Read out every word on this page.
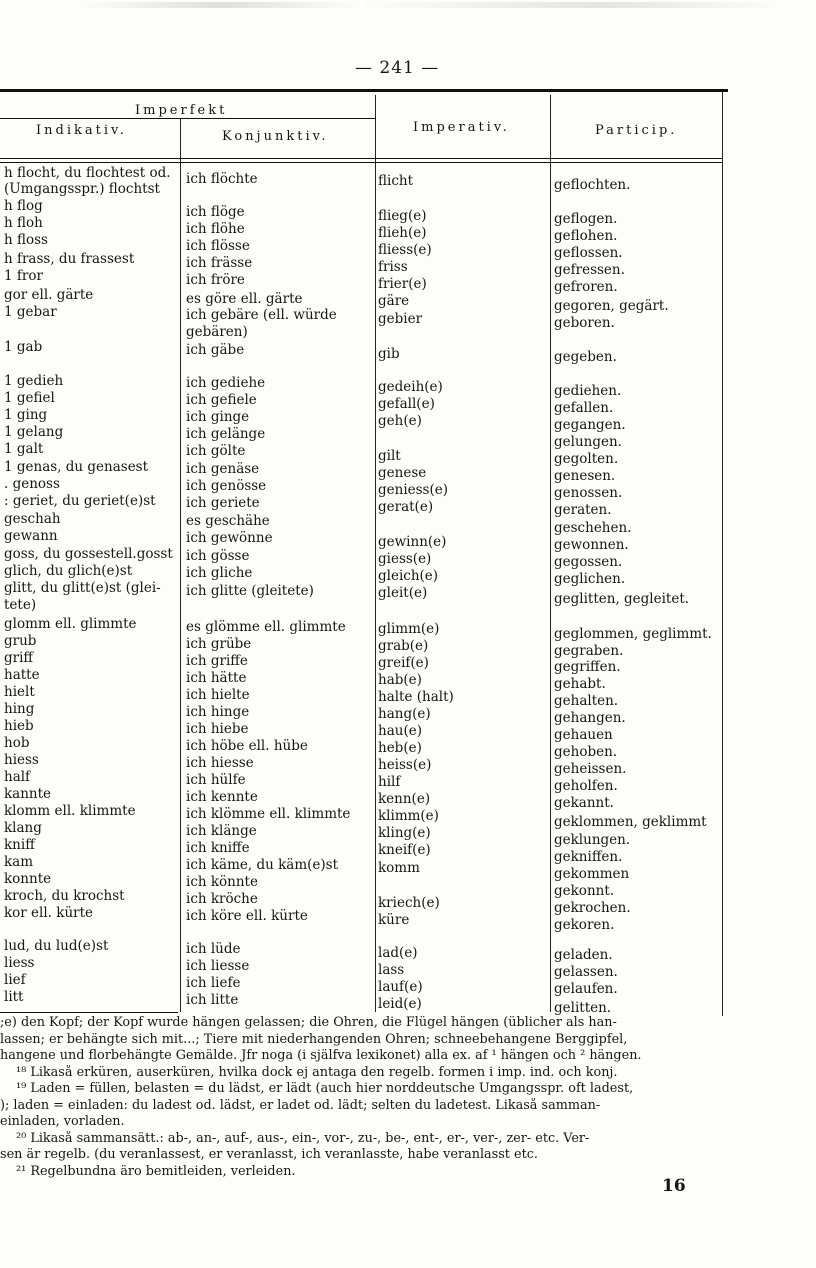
— 241 —
Imperfekt
Indikativ.	Konjunktiv.
Imperativ.	Particip.
h flocht, du flochtest od.
(Umgangsspr.) flochtst
h flog
h floh
h floss
h frass, du frassest
1 fror
gor ell. gärte
1 gebar
1 gab
1 gedieh
1 gefiel
1 ging
1 gelang
1 galt
1 genas, du genasest
. genoss
: geriet, du geriet(e)st
geschah
gewann
goss, du gossestell.gosst
glich, du glich(e)st
glitt, du glitt(e)st (glei-
tete)
glomm ell. glimmte
grub
griff
hatte
hielt
hing
hieb
hob
hiess
half
kannte
klomm ell. klimmte
klang
kniff
kam
konnte
kroch, du krochst
kor ell. kürte
lud, du lud(e)st
liess
lief
litt
ich flöchte
ich flöge
ich flöhe
ich flösse
ich frässe
ich fröre
es göre ell. gärte
ich gebäre (ell. würde
gebären)
ich gäbe
ich gediehe
ich gefiele
ich ginge
ich gelänge
ich gölte
ich genäse
ich genösse
ich geriete
es geschähe
ich gewönne
ich gösse
ich gliche
ich glitte (gleitete)
es glömme ell. glimmte
ich grübe
ich griffe
ich hätte
ich hielte
ich hinge
ich hiebe
ich höbe ell. hübe
ich hiesse
ich hülfe
ich kennte
ich klömme ell. klimmte
ich klänge
ich kniffe
ich käme, du käm(e)st
ich könnte
ich kröche
ich köre ell. kürte
ich lüde
ich liesse
ich liefe
ich litte
flicht
flieg(e)
flieh(e)
fliess(e)
friss
frier(e)
gäre
gebier
gib
gedeih(e)
gefall(e)
geh(e)
gilt
genese
geniess(e)
gerat(e)
gewinn(e)
giess(e)
gleich(e)
gleit(e)
glimm(e)
grab(e)
greif(e)
hab(e)
halte (halt)
hang(e)
hau(e)
heb(e)
heiss(e)
hilf
kenn(e)
klimm(e)
kling(e)
kneif(e)
komm
kriech(e)
küre
lad(e)
lass
lauf(e)
leid(e)
geflochten.
geflogen.
geflohen.
geflossen.
gefressen.
gefroren.
gegoren, gegärt.
geboren.
gegeben.
gediehen.
gefallen.
gegangen.
gelungen.
gegolten.
genesen.
genossen.
geraten.
geschehen.
gewonnen.
gegossen.
geglichen.
geglitten, gegleitet.
geglommen, geglimmt.
gegraben.
gegriffen.
gehabt.
gehalten.
gehangen.
gehauen
gehoben.
geheissen.
geholfen.
gekannt.
geklommen, geklimmt
geklungen.
gekniffen.
gekommen
gekonnt.
gekrochen.
gekoren.
geladen.
gelassen.
gelaufen.
gelitten.

;e) den Kopf; der Kopf wurde hängen gelassen; die Ohren, die Flügel hängen (üblicher als han-

lassen; er behängte sich mit...; Tiere mit niederhangenden Ohren; schneebehangene Berggipfel,

hangene und florbehängte Gemälde. Jfr noga (i själfva lexikonet) alla ex. af ¹ hängen och ² hängen.

¹⁸ Likaså erküren, auserküren, hvilka dock ej antaga den regelb. formen i imp. ind. och konj.

¹⁹ Laden = füllen, belasten = du lädst, er lädt (auch hier norddeutsche Umgangsspr. oft ladest,

); laden = einladen: du ladest od. lädst, er ladet od. lädt; selten du ladetest. Likaså samman-

einladen, vorladen.

²⁰ Likaså sammansätt.: ab-, an-, auf-, aus-, ein-, vor-, zu-, be-, ent-, er-, ver-, zer- etc. Ver-

sen är regelb. (du veranlassest, er veranlasst, ich veranlasste, habe veranlasst etc.

²¹ Regelbundna äro bemitleiden, verleiden.

16
